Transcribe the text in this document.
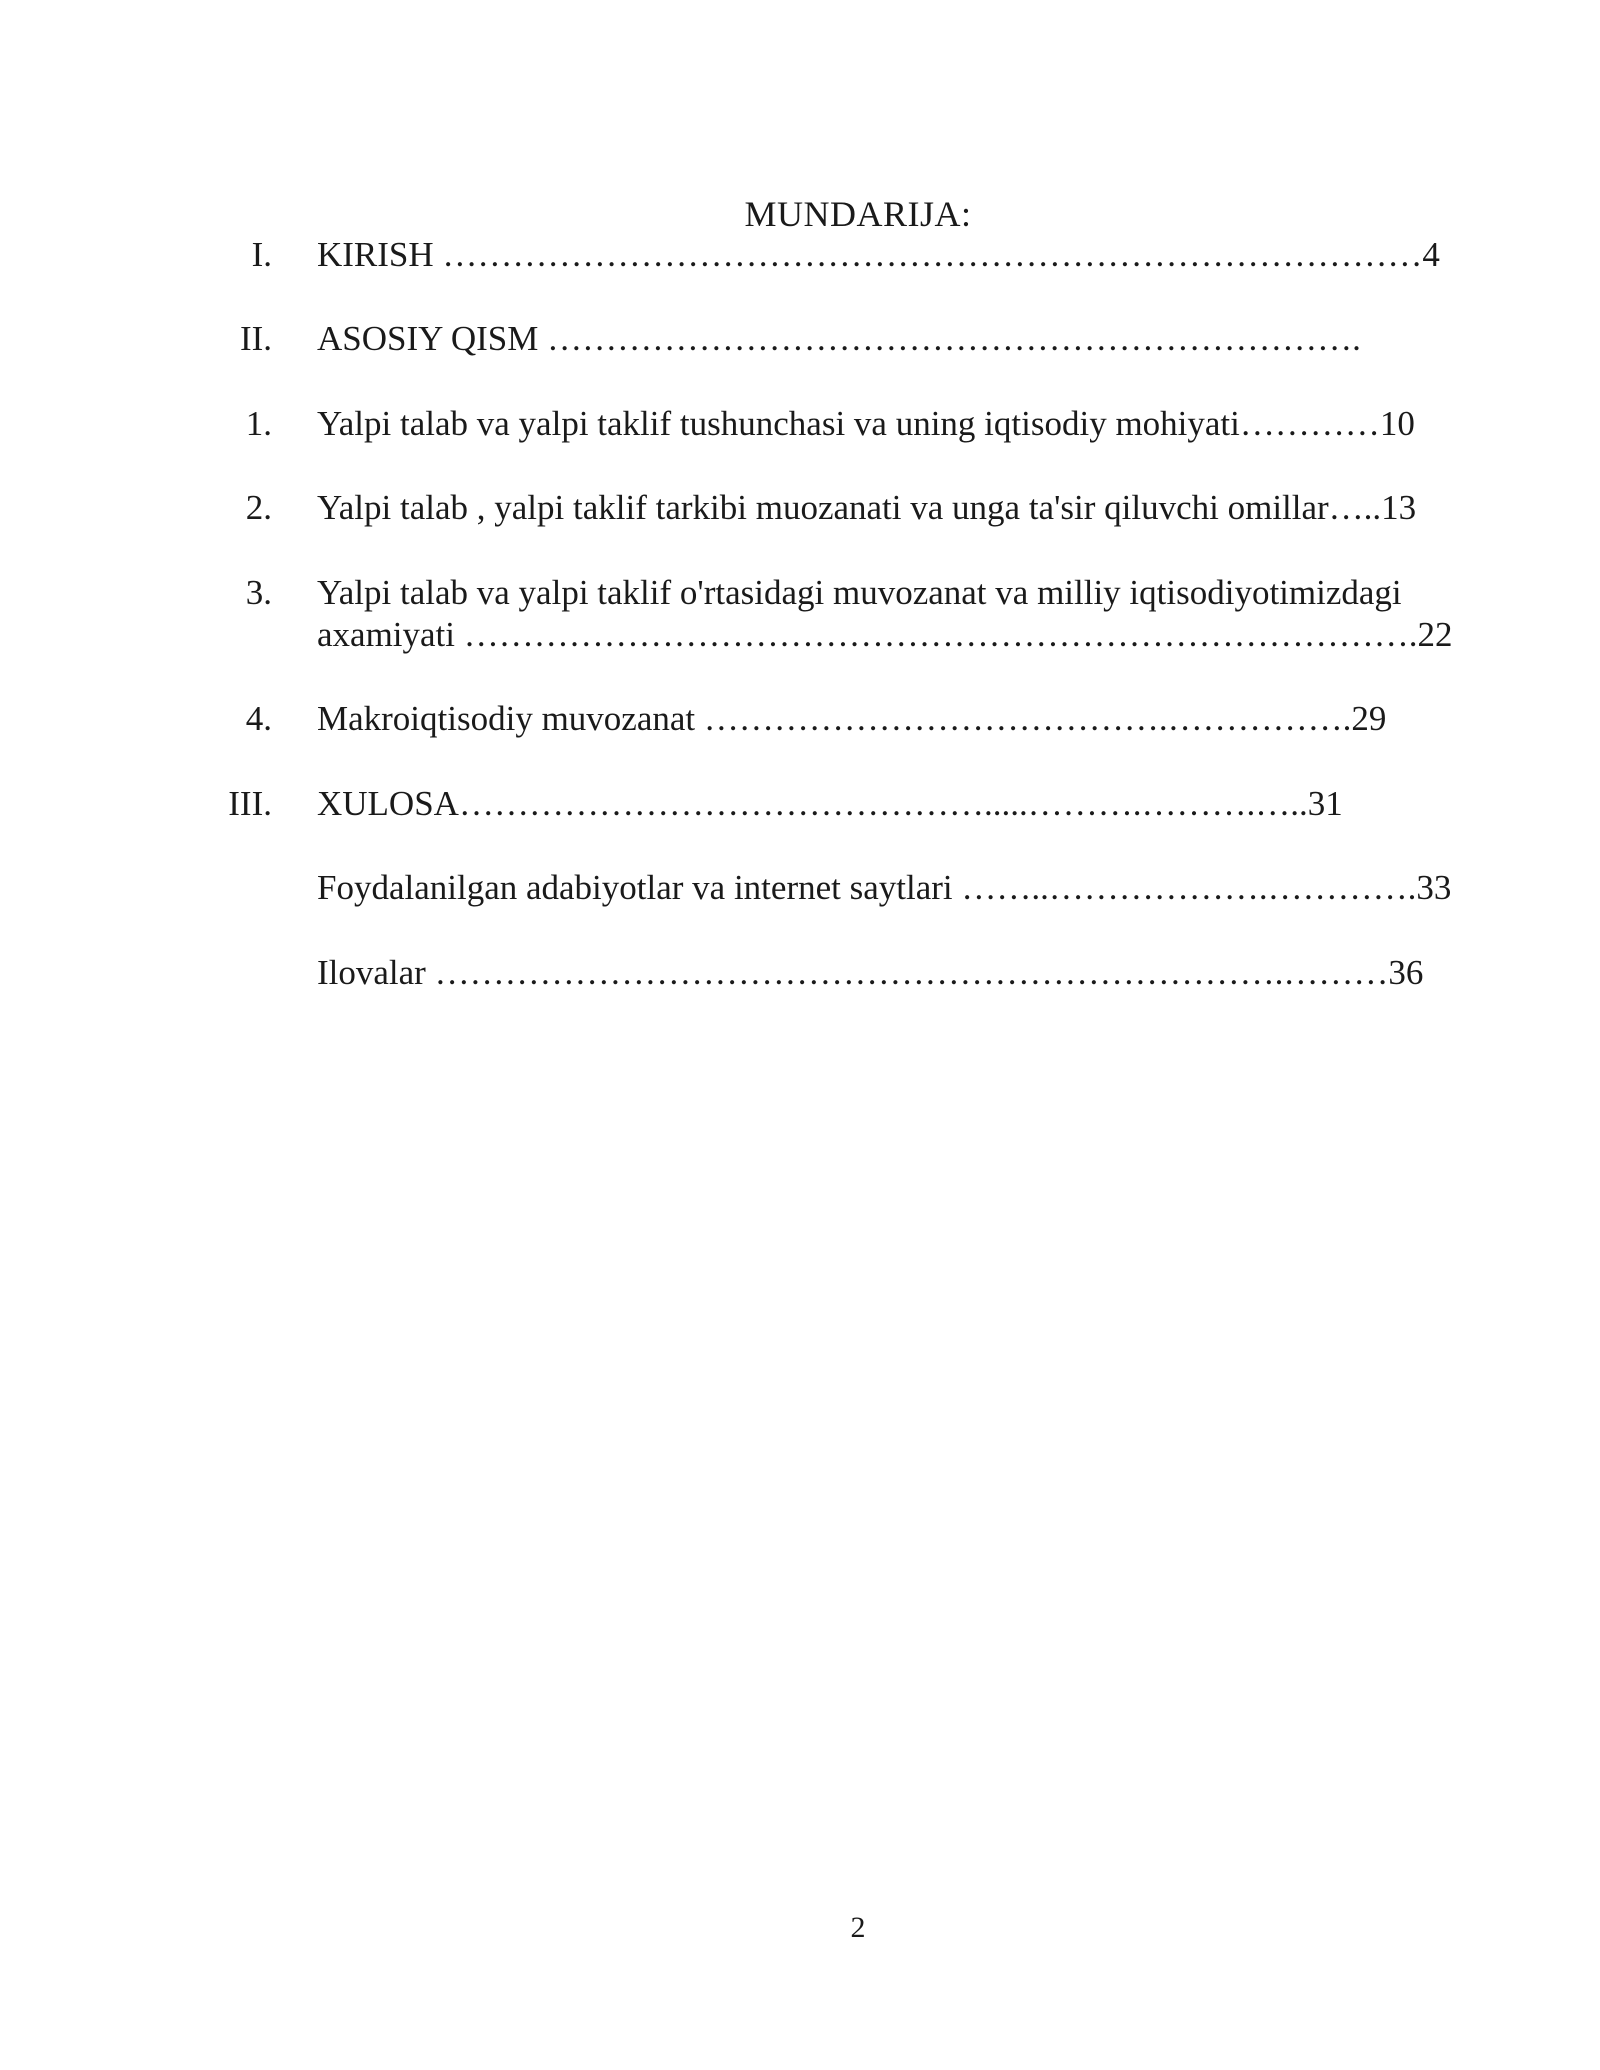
MUNDARIJA:
I. KIRISH …………………………………………………………………………4
II. ASOSIY QISM …………………………………………………………….
1. Yalpi talab va yalpi taklif tushunchasi va uning iqtisodiy mohiyati…………10
2. Yalpi talab , yalpi taklif tarkibi muozanati va unga ta'sir qiluvchi omillar…..13
3. Yalpi talab va yalpi taklif o'rtasidagi muvozanat va milliy iqtisodiyotimizdagi axamiyati ……………………………………………………………………….22
4. Makroiqtisodiy muvozanat ………………………………….…………….29
III. XULOSA……………………………………….....……….……….…..31
Foydalanilgan adabiyotlar va internet saytlari ……..……………….………….33
Ilovalar ……………………………………………………………….………36
2
